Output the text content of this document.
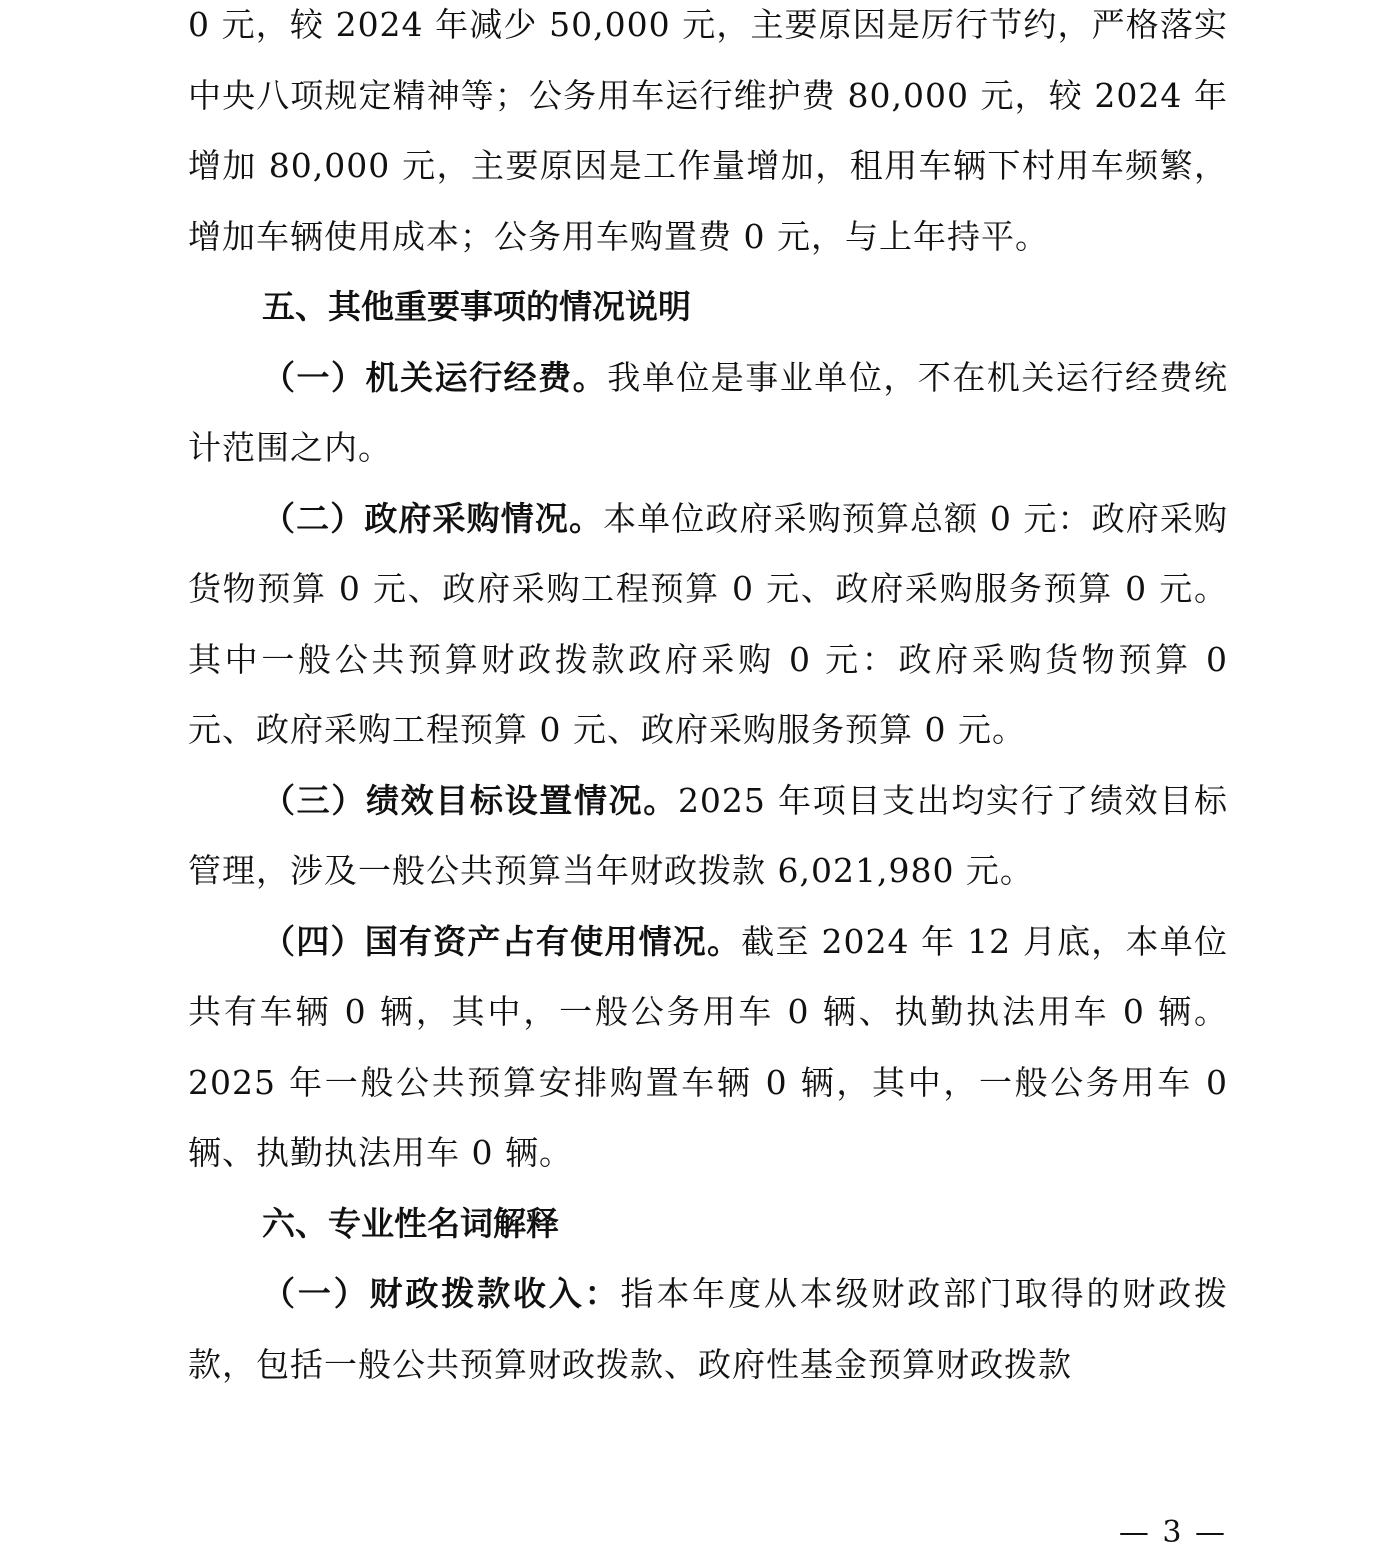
0 元，较 2024 年减少 50,000 元，主要原因是厉行节约，严格落实中央八项规定精神等；公务用车运行维护费 80,000 元，较 2024 年增加 80,000 元，主要原因是工作量增加，租用车辆下村用车频繁，增加车辆使用成本；公务用车购置费 0 元，与上年持平。

五、其他重要事项的情况说明

（一）机关运行经费。我单位是事业单位，不在机关运行经费统计范围之内。

（二）政府采购情况。本单位政府采购预算总额 0 元：政府采购货物预算 0 元、政府采购工程预算 0 元、政府采购服务预算 0 元。其中一般公共预算财政拨款政府采购 0 元：政府采购货物预算 0 元、政府采购工程预算 0 元、政府采购服务预算 0 元。

（三）绩效目标设置情况。2025 年项目支出均实行了绩效目标管理，涉及一般公共预算当年财政拨款 6,021,980 元。

（四）国有资产占有使用情况。截至 2024 年 12 月底，本单位共有车辆 0 辆，其中，一般公务用车 0 辆、执勤执法用车 0 辆。2025 年一般公共预算安排购置车辆 0 辆，其中，一般公务用车 0 辆、执勤执法用车 0 辆。

六、专业性名词解释

（一）财政拨款收入：指本年度从本级财政部门取得的财政拨款，包括一般公共预算财政拨款、政府性基金预算财政拨款

— 3 —
